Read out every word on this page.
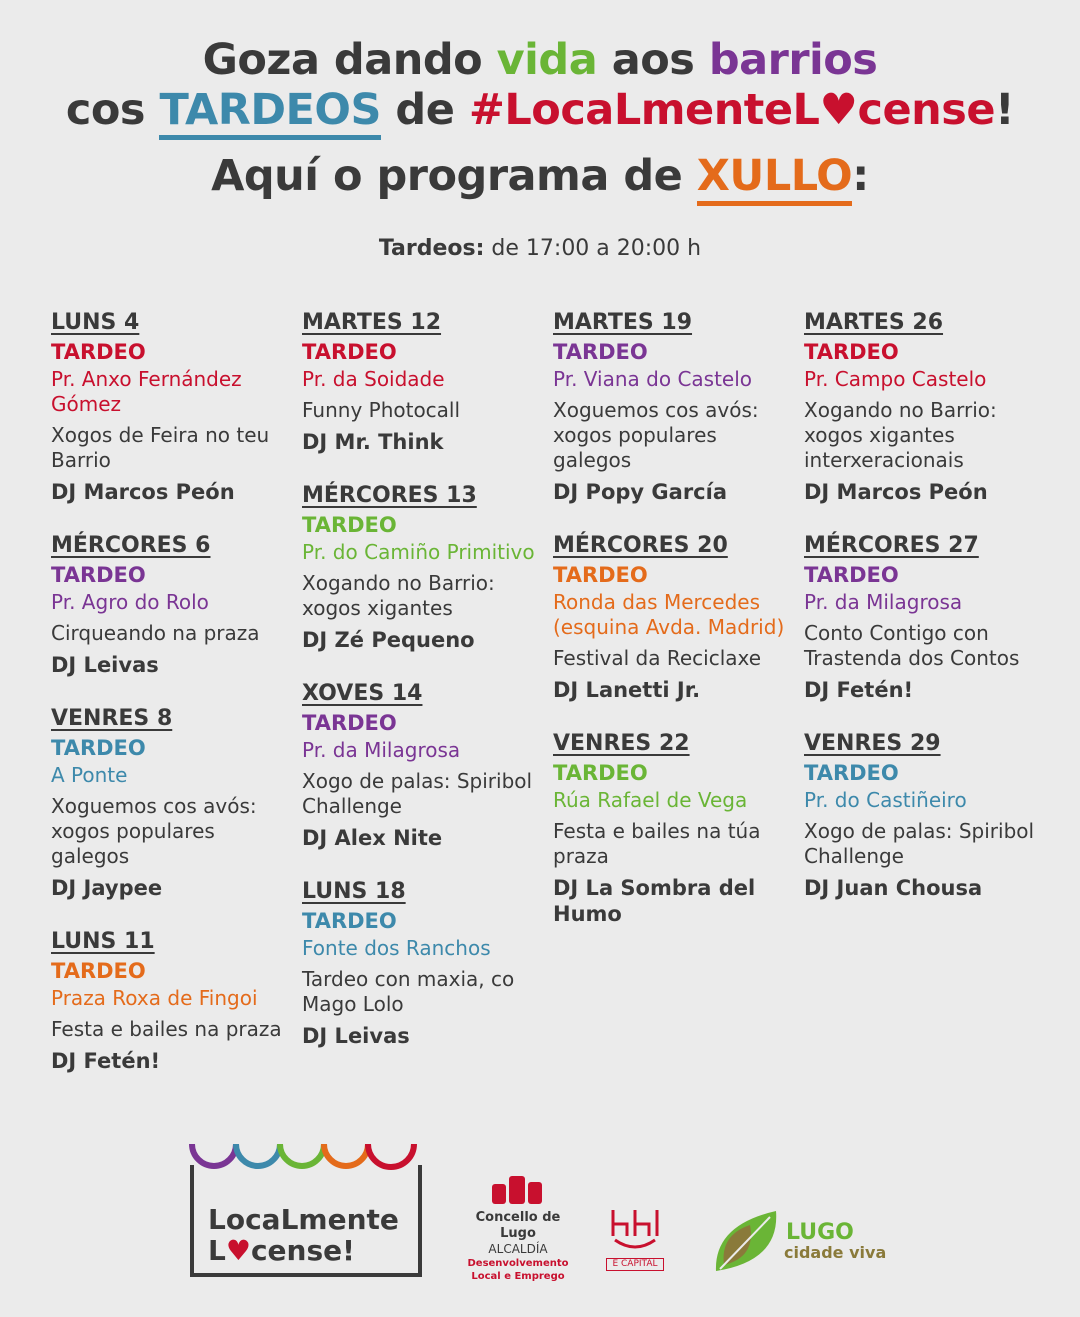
Goza dando vida aos barrios
cos TARDEOS de #LocaLmenteL♥cense!
Aquí o programa de XULLO:
Tardeos: de 17:00 a 20:00 h
LUNS 4
TARDEO
Pr. Anxo Fernández Gómez
Xogos de Feira no teu Barrio
DJ Marcos Peón
MÉRCORES 6
TARDEO
Pr. Agro do Rolo
Cirqueando na praza
DJ Leivas
VENRES 8
TARDEO
A Ponte
Xoguemos cos avós: xogos populares galegos
DJ Jaypee
LUNS 11
TARDEO
Praza Roxa de Fingoi
Festa e bailes na praza
DJ Fetén!
MARTES 12
TARDEO
Pr. da Soidade
Funny Photocall
DJ Mr. Think
MÉRCORES 13
TARDEO
Pr. do Camiño Primitivo
Xogando no Barrio: xogos xigantes
DJ Zé Pequeno
XOVES 14
TARDEO
Pr. da Milagrosa
Xogo de palas: Spiribol Challenge
DJ Alex Nite
LUNS 18
TARDEO
Fonte dos Ranchos
Tardeo con maxia, co Mago Lolo
DJ Leivas
MARTES 19
TARDEO
Pr. Viana do Castelo
Xoguemos cos avós: xogos populares galegos
DJ Popy García
MÉRCORES 20
TARDEO
Ronda das Mercedes (esquina Avda. Madrid)
Festival da Reciclaxe
DJ Lanetti Jr.
VENRES 22
TARDEO
Rúa Rafael de Vega
Festa e bailes na túa praza
DJ La Sombra del Humo
MARTES 26
TARDEO
Pr. Campo Castelo
Xogando no Barrio: xogos xigantes interxeracionais
DJ Marcos Peón
MÉRCORES 27
TARDEO
Pr. da Milagrosa
Conto Contigo con Trastenda dos Contos
DJ Fetén!
VENRES 29
TARDEO
Pr. do Castiñeiro
Xogo de palas: Spiribol Challenge
DJ Juan Chousa
LocaLmente
L♥cense!
Concello de Lugo
ALCALDÍA
Desenvolvemento Local e Emprego
E CAPITAL
LUGO
cidade viva
